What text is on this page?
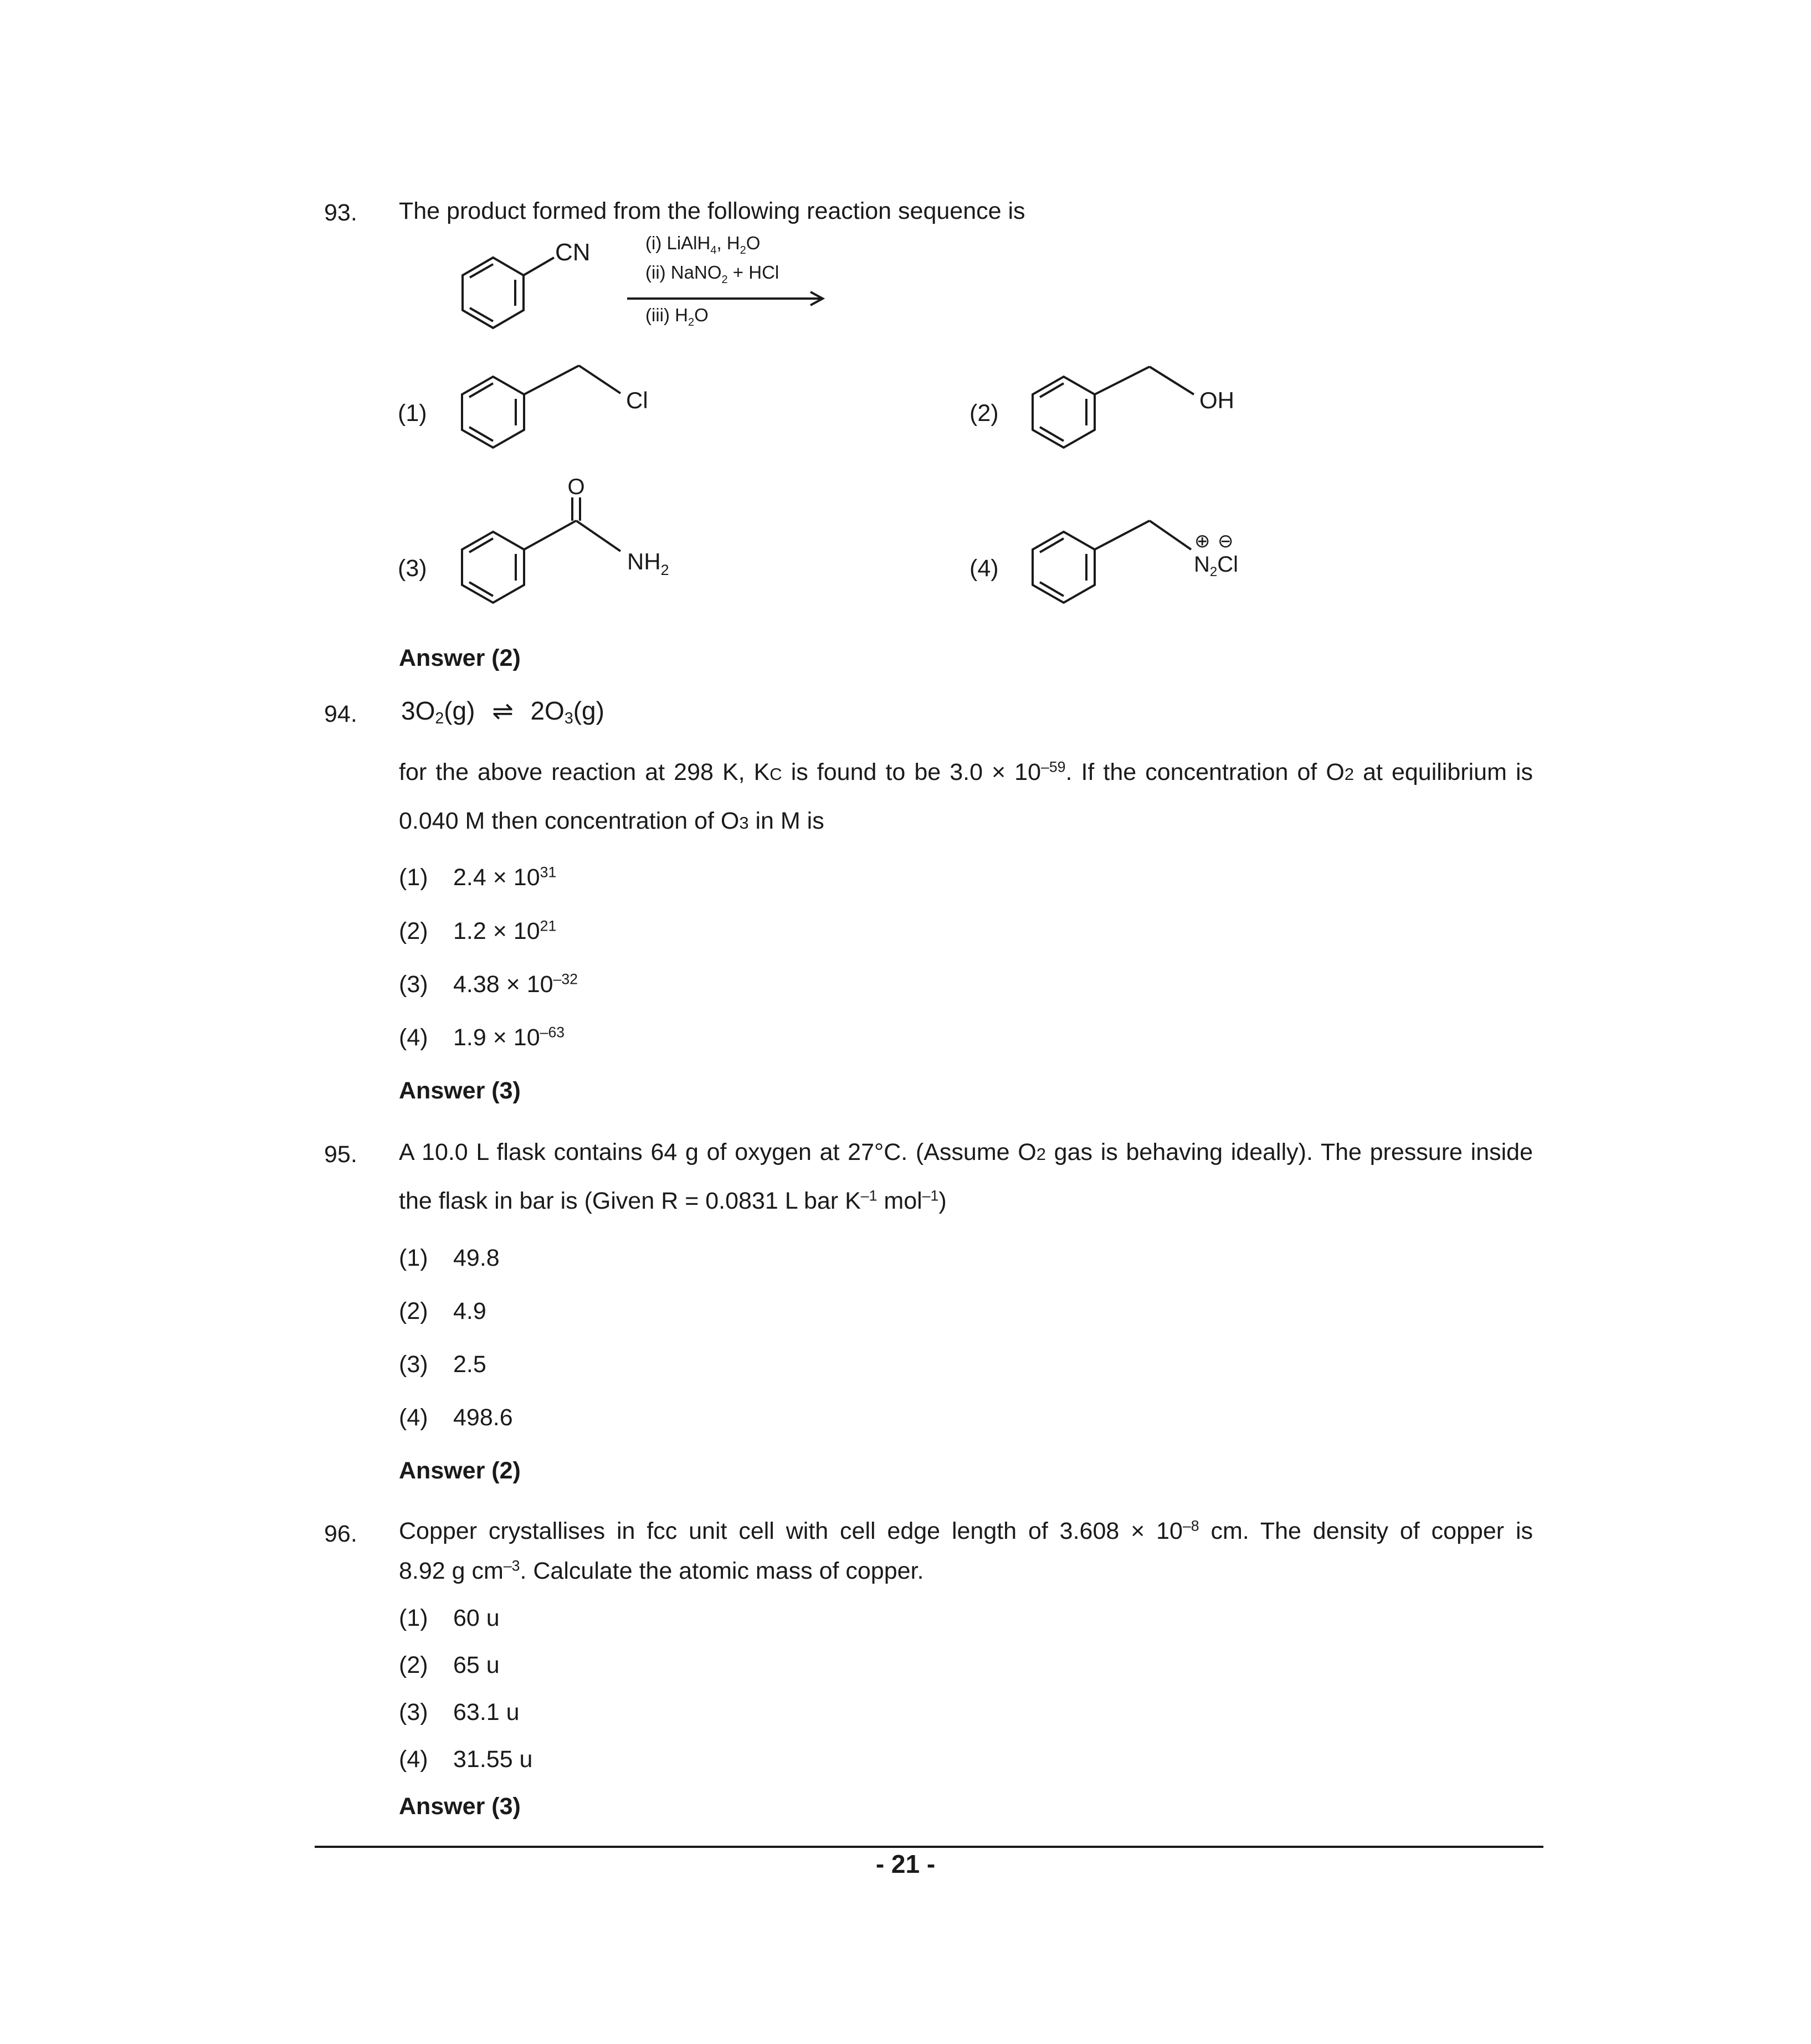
93. The product formed from the following reaction sequence is
CN	(i) LiAlH$_4$, $H_2O$
(ii) NaNO$_2$ + HCl
(iii) $H_2O$
(1)	Cl	(2)	OH
(3)
O
$NH_2$	(4)	$N_2Cl$
⊕ ⊖
Answer (2)
94. $3O_2(g)$ ⇌ $2O_3(g)$
for the above reaction at 298 K, KC is found to be $3.0 \times 10^{-59}$. If the concentration of O2 at equilibrium is
0.040 M then concentration of O3 in M is
(1) $2.4 \times 10^{31}$
(2) $1.2 \times 10^{21}$
(3) $4.38 \times 10^{-32}$
(4) $1.9 \times 10^{-63}$
Answer (3)
95. A 10.0 L flask contains 64 g of oxygen at 27°C. (Assume O2 gas is behaving ideally). The pressure inside
the flask in bar is (Given R = 0.0831 L bar $K^{-1}$ mol$^{-1}$)
(1) 49.8
(2) 4.9
(3) 2.5
(4) 498.6
Answer (2)
96. Copper crystallises in fcc unit cell with cell edge length of $3.608 \times 10^{-8}$ cm. The density of copper is
8.92 g $cm^{-3}$. Calculate the atomic mass of copper.
(1) 60 u
(2) 65 u
(3) 63.1 u
(4) 31.55 u
Answer (3)
- 21 -
